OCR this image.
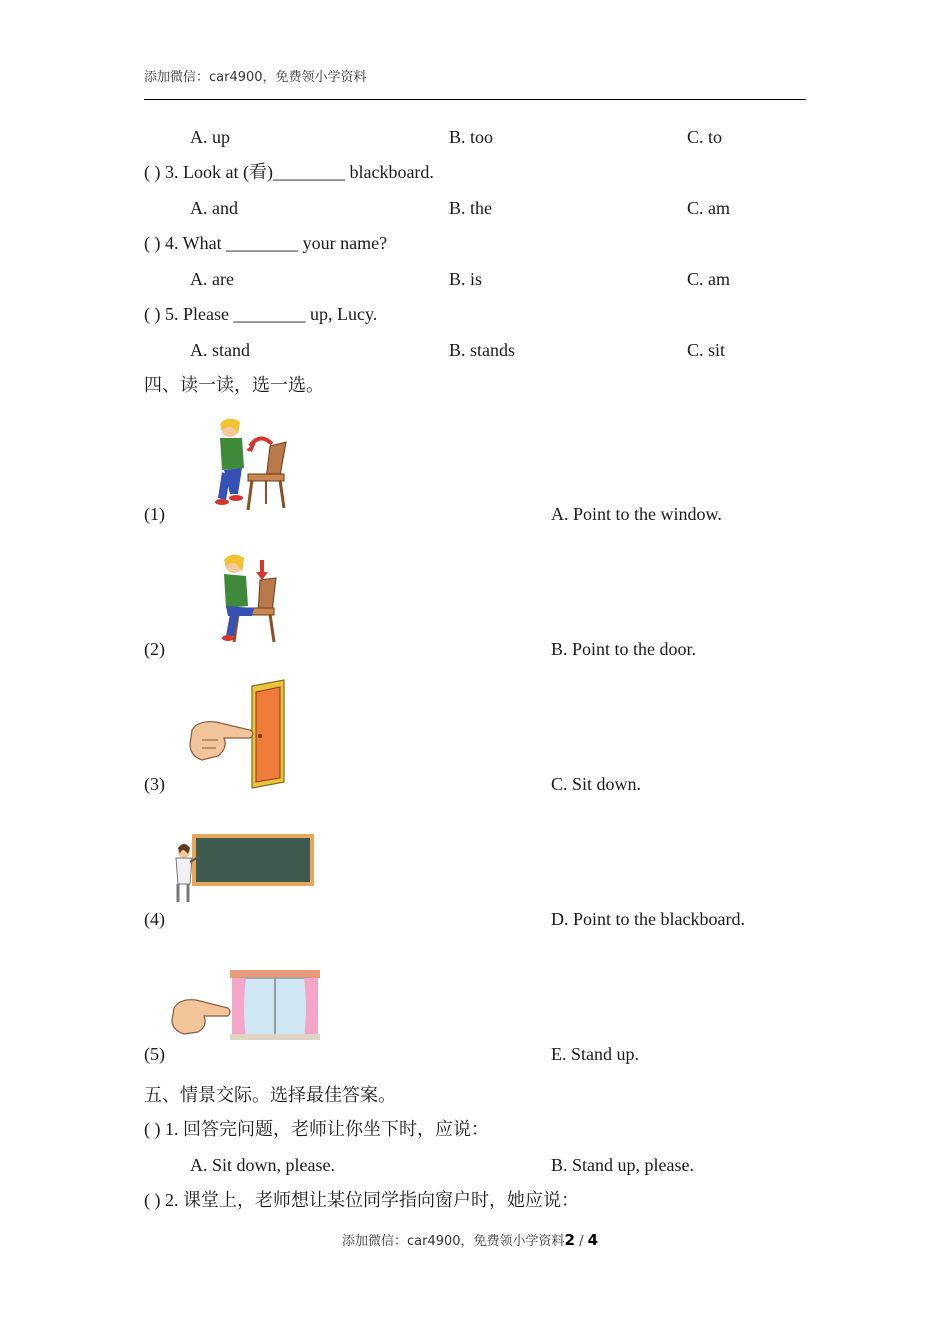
添加微信：car4900，免费领小学资料
A. up	B. too	C. to
( ) 3. Look at (看)________ blackboard.
A. and	B. the	C. am
( ) 4. What ________ your name?
A. are	B. is	C. am
( ) 5. Please ________ up, Lucy.
A. stand	B. stands	C. sit
四、读一读，选一选。
(1)	A. Point to the window.
(2)	B. Point to the door.
(3)	C. Sit down.
(4)	D. Point to the blackboard.
(5)	E. Stand up.
五、情景交际。选择最佳答案。
( ) 1. 回答完问题，老师让你坐下时，应说：
A. Sit down, please.	B. Stand up, please.
( ) 2. 课堂上，老师想让某位同学指向窗户时，她应说：
添加微信：car4900，免费领小学资料2 / 4
